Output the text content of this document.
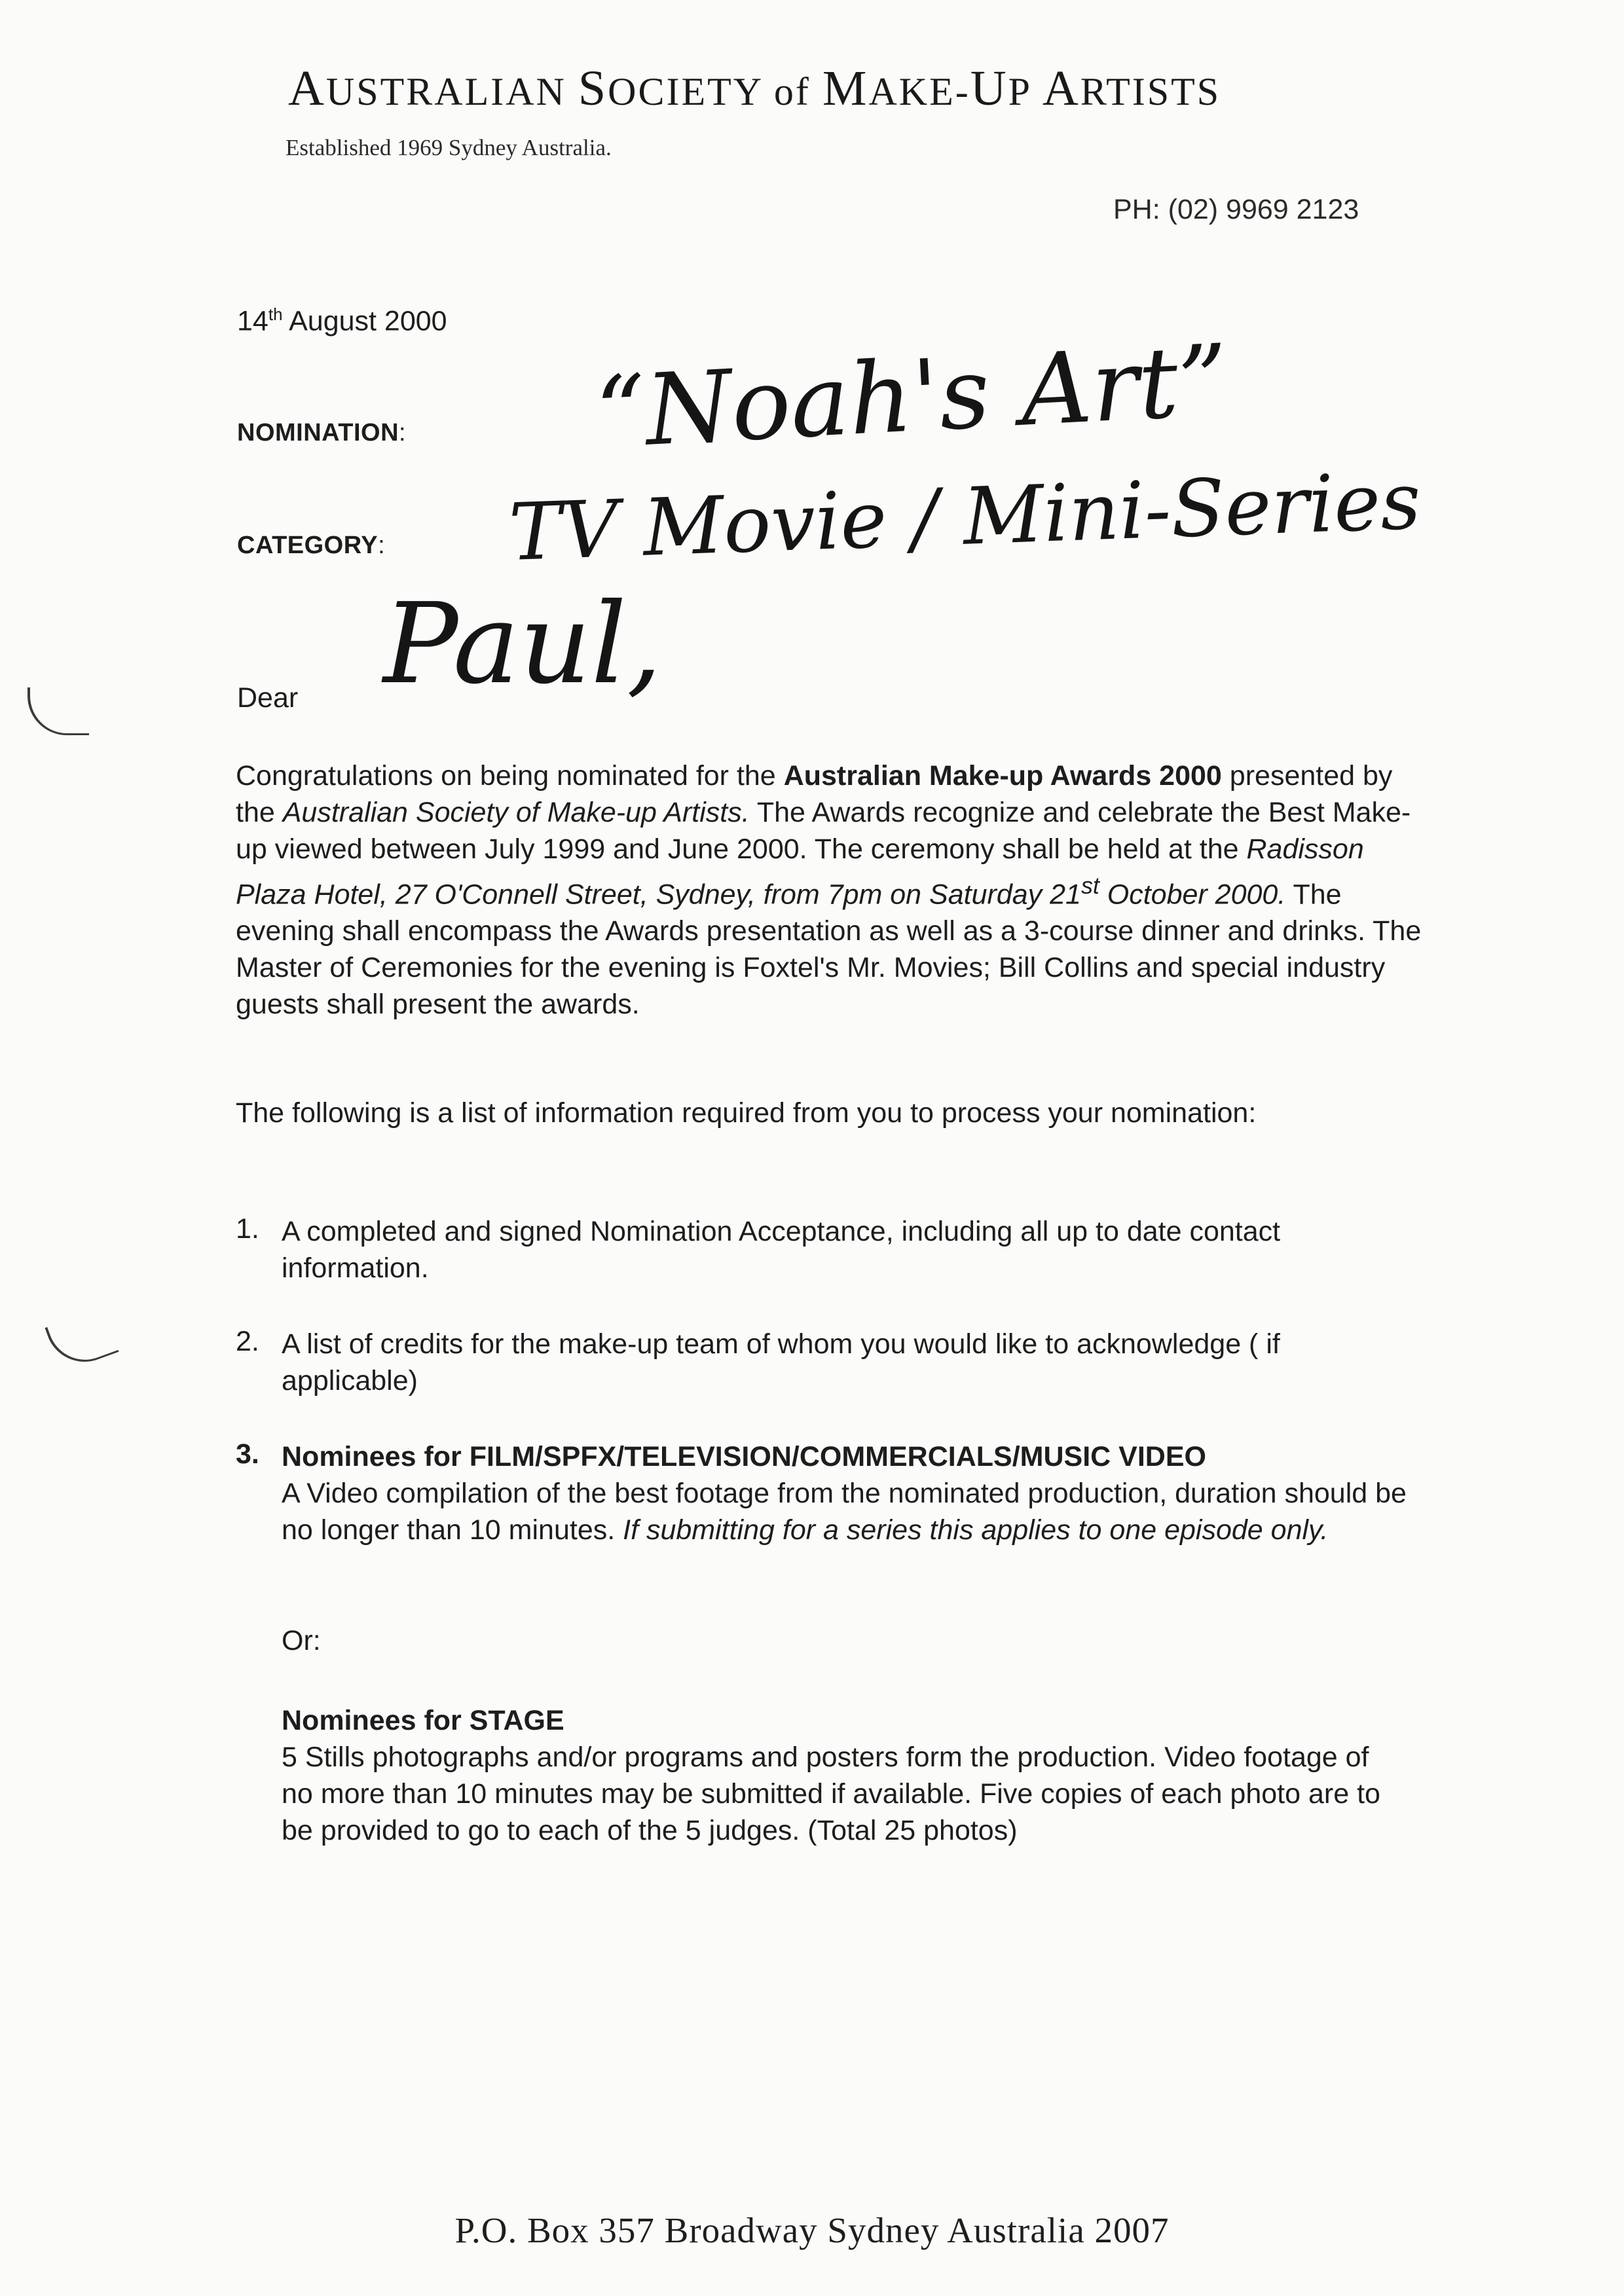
AUSTRALIAN SOCIETY of MAKE-UP ARTISTS
Established 1969 Sydney Australia.
PH: (02) 9969 2123
14th August 2000
NOMINATION: “Noah's Art”
CATEGORY: TV Movie / Mini-Series
Dear Paul,
Congratulations on being nominated for the Australian Make-up Awards 2000 presented by the Australian Society of Make-up Artists. The Awards recognize and celebrate the Best Make-up viewed between July 1999 and June 2000. The ceremony shall be held at the Radisson Plaza Hotel, 27 O'Connell Street, Sydney, from 7pm on Saturday 21st October 2000. The evening shall encompass the Awards presentation as well as a 3-course dinner and drinks. The Master of Ceremonies for the evening is Foxtel's Mr. Movies; Bill Collins and special industry guests shall present the awards.
The following is a list of information required from you to process your nomination:
1. A completed and signed Nomination Acceptance, including all up to date contact information.
2. A list of credits for the make-up team of whom you would like to acknowledge ( if applicable)
3. Nominees for FILM/SPFX/TELEVISION/COMMERCIALS/MUSIC VIDEO
A Video compilation of the best footage from the nominated production, duration should be no longer than 10 minutes. If submitting for a series this applies to one episode only.
Or:
Nominees for STAGE
5 Stills photographs and/or programs and posters form the production. Video footage of no more than 10 minutes may be submitted if available. Five copies of each photo are to be provided to go to each of the 5 judges. (Total 25 photos)
P.O. Box 357 Broadway Sydney Australia 2007
